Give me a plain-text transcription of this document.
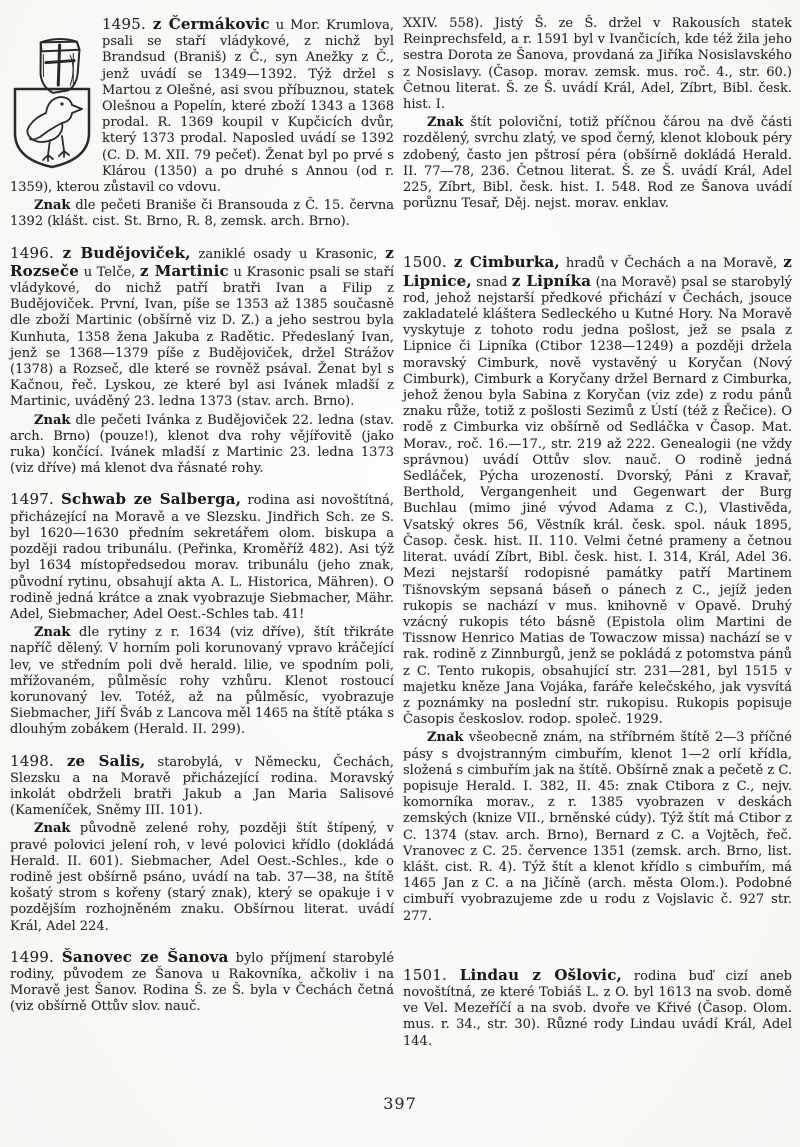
1495. z Čermákovic u Mor. Krumlova, psali se staří vládykové, z nichž byl Brandsud (Braniš) z Č., syn Anežky z Č., jenž uvádí se 1349—1392. Týž držel s Martou z Olešné, asi svou příbuznou, statek Olešnou a Popelín, které zboží 1343 a 1368 prodal. R. 1369 koupil v Kupčicích dvůr, který 1373 prodal. Naposled uvádí se 1392 (C. D. M. XII. 79 pečeť). Ženat byl po prvé s Klárou (1350) a po druhé s Annou (od r. 1359), kterou zůstavil co vdovu.

Znak dle pečeti Braniše či Bransouda z Č. 15. června 1392 (klášt. cist. St. Brno, R. 8, zemsk. arch. Brno).

1496. z Budějoviček, zaniklé osady u Krasonic, z Rozseče u Telče, z Martinic u Krasonic psali se staří vládykové, do nichž patří bratři Ivan a Filip z Budějoviček. První, Ivan, píše se 1353 až 1385 současně dle zboží Martinic (obšírně viz D. Z.) a jeho sestrou byla Kunhuta, 1358 žena Jakuba z Radětic. Předeslaný Ivan, jenž se 1368—1379 píše z Budějoviček, držel Strážov (1378) a Rozseč, dle které se rovněž psával. Ženat byl s Kačnou, řeč. Lyskou, ze které byl asi Ivánek mladší z Martinic, uváděný 23. ledna 1373 (stav. arch. Brno).

Znak dle pečeti Ivánka z Budějoviček 22. ledna (stav. arch. Brno) (pouze!), klenot dva rohy vějířovitě (jako ruka) končící. Ivánek mladší z Martinic 23. ledna 1373 (viz dříve) má klenot dva řásnaté rohy.

1497. Schwab ze Salberga, rodina asi novoštítná, přicházející na Moravě a ve Slezsku. Jindřich Sch. ze S. byl 1620—1630 předním sekretářem olom. biskupa a později radou tribunálu. (Peřinka, Kroměříž 482). Asi týž byl 1634 místopředsedou morav. tribunálu (jeho znak, původní rytinu, obsahují akta A. L. Historica, Mähren). O rodině jedná krátce a znak vyobrazuje Siebmacher, Mähr. Adel, Siebmacher, Adel Oest.-Schles tab. 41!

Znak dle rytiny z r. 1634 (viz dříve), štít třikráte napříč dělený. V horním poli korunovaný vpravo kráčející lev, ve středním poli dvě herald. lilie, ve spodním poli, mřížovaném, půlměsíc rohy vzhůru. Klenot rostoucí korunovaný lev. Totéž, až na půlměsíc, vyobrazuje Siebmacher, Jiří Šváb z Lancova měl 1465 na štítě ptáka s dlouhým zobákem (Herald. II. 299).

1498. ze Salis, starobylá, v Německu, Čechách, Slezsku a na Moravě přicházející rodina. Moravský inkolát obdrželi bratři Jakub a Jan Maria Salisové (Kameníček, Sněmy III. 101).

Znak původně zelené rohy, později štít štípený, v pravé polovici jelení roh, v levé polovici křídlo (dokládá Herald. II. 601). Siebmacher, Adel Oest.-Schles., kde o rodině jest obšírně psáno, uvádí na tab. 37—38, na štítě košatý strom s kořeny (starý znak), který se opakuje i v pozdějším rozhojněném znaku. Obšírnou literat. uvádí Král, Adel 224.

1499. Šanovec ze Šanova bylo příjmení starobylé rodiny, původem ze Šanova u Rakovníka, ačkoliv i na Moravě jest Šanov. Rodina Š. ze Š. byla v Čechách četná (viz obšírně Ottův slov. nauč.

XXIV. 558). Jistý Š. ze Š. držel v Rakousích statek Reinprechsfeld, a r. 1591 byl v Ivančicích, kde též žila jeho sestra Dorota ze Šanova, provdaná za Jiříka Nosislavského z Nosislavy. (Časop. morav. zemsk. mus. roč. 4., str. 60.) Četnou literat. Š. ze Š. uvádí Král, Adel, Zíbrt, Bibl. česk. hist. I.

Znak štít poloviční, totiž příčnou čárou na dvě části rozdělený, svrchu zlatý, ve spod černý, klenot klobouk péry zdobený, často jen pštrosí péra (obšírně dokládá Herald. II. 77—78, 236. Četnou literat. Š. ze Š. uvádí Král, Adel 225, Zíbrt, Bibl. česk. hist. I. 548. Rod ze Šanova uvádí porůznu Tesař, Děj. nejst. morav. enklav.

1500. z Cimburka, hradů v Čechách a na Moravě, z Lipnice, snad z Lipníka (na Moravě) psal se starobylý rod, jehož nejstarší předkové přichází v Čechách, jsouce zakladatelé kláštera Sedleckého u Kutné Hory. Na Moravě vyskytuje z tohoto rodu jedna pošlost, jež se psala z Lipnice či Lipníka (Ctibor 1238—1249) a později držela moravský Cimburk, nově vystavěný u Koryčan (Nový Cimburk), Cimburk a Koryčany držel Bernard z Cimburka, jehož ženou byla Sabina z Koryčan (viz zde) z rodu pánů znaku růže, totiž z pošlosti Sezimů z Ústí (též z Řečice). O rodě z Cimburka viz obšírně od Sedláčka v Časop. Mat. Morav., roč. 16.—17., str. 219 až 222. Genealogii (ne vždy správnou) uvádí Ottův slov. nauč. O rodině jedná Sedláček, Pýcha urozeností. Dvorský, Páni z Kravař, Berthold, Vergangenheit und Gegenwart der Burg Buchlau (mimo jiné vývod Adama z C.), Vlastivěda, Vsatský okres 56, Věstník král. česk. spol. náuk 1895, Časop. česk. hist. II. 110. Velmi četné prameny a četnou literat. uvádí Zíbrt, Bibl. česk. hist. I. 314, Král, Adel 36. Mezi nejstarší rodopisné památky patří Martinem Tišnovským sepsaná báseň o pánech z C., jejíž jeden rukopis se nachází v mus. knihovně v Opavě. Druhý vzácný rukopis této básně (Epistola olim Martini de Tissnow Henrico Matias de Towaczow missa) nachází se v rak. rodině z Zinnburgů, jenž se pokládá z potomstva pánů z C. Tento rukopis, obsahující str. 231—281, byl 1515 v majetku kněze Jana Vojáka, faráře kelečského, jak vysvítá z poznámky na poslední str. rukopisu. Rukopis popisuje Časopis českoslov. rodop. společ. 1929.

Znak všeobecně znám, na stříbrném štítě 2—3 příčné pásy s dvojstranným cimbuřím, klenot 1—2 orlí křídla, složená s cimbuřím jak na štítě. Obšírně znak a pečetě z C. popisuje Herald. I. 382, II. 45: znak Ctibora z C., nejv. komorníka morav., z r. 1385 vyobrazen v deskách zemských (knize VII., brněnské cúdy). Týž štít má Ctibor z C. 1374 (stav. arch. Brno), Bernard z C. a Vojtěch, řeč. Vranovec z C. 25. července 1351 (zemsk. arch. Brno, list. klášt. cist. R. 4). Týž štít a klenot křídlo s cimbuřím, má 1465 Jan z C. a na Jičíně (arch. města Olom.). Podobné cimbuří vyobrazujeme zde u rodu z Vojslavic č. 927 str. 277.

1501. Lindau z Ošlovic, rodina buď cizí aneb novoštítná, ze které Tobiáš L. z O. byl 1613 na svob. domě ve Vel. Mezeříčí a na svob. dvoře ve Křivé (Časop. Olom. mus. r. 34., str. 30). Různé rody Lindau uvádí Král, Adel 144.

397
